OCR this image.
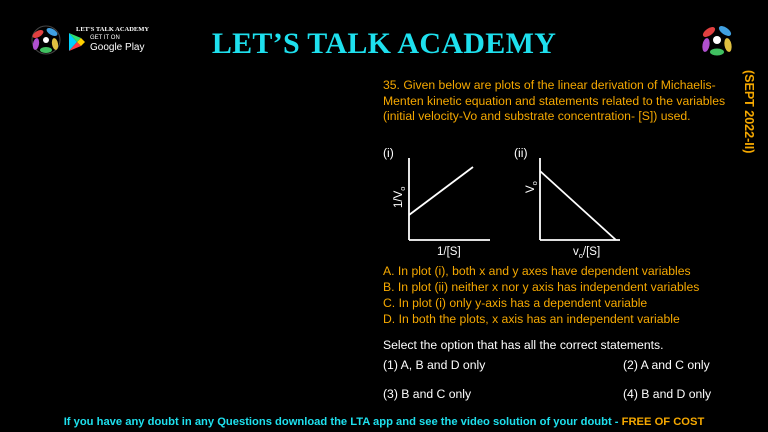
LET'S TALK ACADEMY
GET IT ON
Google Play	LET’S TALK ACADEMY
(SEPT 2022-II)
35. Given below are plots of the linear derivation of Michaelis-Menten kinetic equation and statements related to the variables (initial velocity-Vo and substrate concentration- [S]) used.
(i)	(ii)
$1/V_o$
1/[S]
$V_o$
$v_o/[S]$
A. In plot (i), both x and y axes have dependent variables
B. In plot (ii) neither x nor y axis has independent variables
C. In plot (i) only y-axis has a dependent variable
D. In both the plots, x axis has an independent variable
Select the option that has all the correct statements.
(1) A, B and D only	(2) A and C only
(3) B and C only	(4) B and D only
If you have any doubt in any Questions download the LTA app and see the video solution of your doubt - FREE OF COST
